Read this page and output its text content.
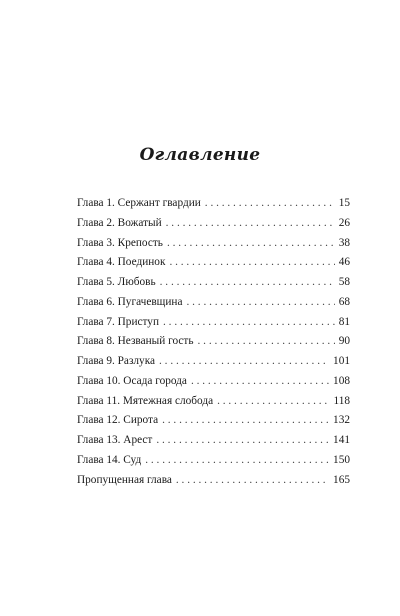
Оглавление
Глава 1. Сержант гвардии . . .	15
Глава 2. Вожатый . . .	26
Глава 3. Крепость . . .	38
Глава 4. Поединок . . .	46
Глава 5. Любовь . . .	58
Глава 6. Пугачевщина . . .	68
Глава 7. Приступ . . .	81
Глава 8. Незваный гость . . .	90
Глава 9. Разлука . . .	101
Глава 10. Осада города . . .	108
Глава 11. Мятежная слобода . . .	118
Глава 12. Сирота . . .	132
Глава 13. Арест . . .	141
Глава 14. Суд . . .	150
Пропущенная глава . . .	165
